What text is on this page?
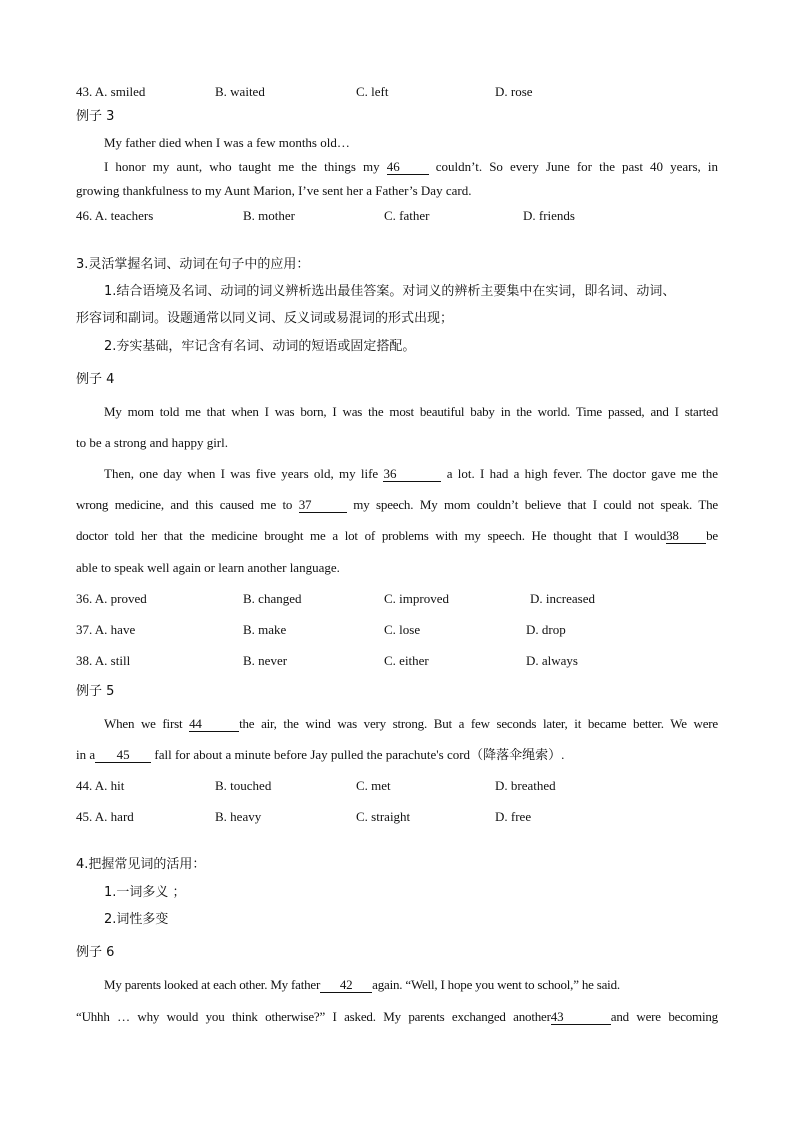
43. A. smiled	B. waited	C. left	D. rose
例子 3
My father died when I was a few months old…
I honor my aunt, who taught me the things my 46 couldn’t. So every June for the past 40 years, in
growing thankfulness to my Aunt Marion, I’ve sent her a Father’s Day card.
46. A. teachers	B. mother	C. father	D. friends
3.灵活掌握名词、动词在句子中的应用：
1.结合语境及名词、动词的词义辨析选出最佳答案。对词义的辨析主要集中在实词，即名词、动词、
形容词和副词。设题通常以同义词、反义词或易混词的形式出现；
2.夯实基础，牢记含有名词、动词的短语或固定搭配。
例子 4
My mom told me that when I was born, I was the most beautiful baby in the world. Time passed, and I started
to be a strong and happy girl.
Then, one day when I was five years old, my life 36	a lot. I had a high fever. The doctor gave me the
wrong medicine, and this caused me to 37	my speech. My mom couldn’t believe that I could not speak. The
doctor told her that the medicine brought me a lot of problems with my speech. He thought that I would38 be
able to speak well again or learn another language.
36. A. proved	B. changed	C. improved	D. increased
37. A. have	B. make	C. lose	D. drop
38. A. still	B. never	C. either	D. always
例子 5
When we first 44	the air, the wind was very strong. But a few seconds later, it became better. We were
in a 45 fall for about a minute before Jay pulled the parachute's cord（降落伞绳索）.
44. A. hit	B. touched	C. met	D. breathed
45. A. hard	B. heavy	C. straight	D. free
4.把握常见词的活用：
1.一词多义 ；
2.词性多变
例子 6
My parents looked at each other. My father 42 again. “Well, I hope you went to school,” he said.
“Uhhh … why would you think otherwise?” I asked. My parents exchanged another43	and were becoming
